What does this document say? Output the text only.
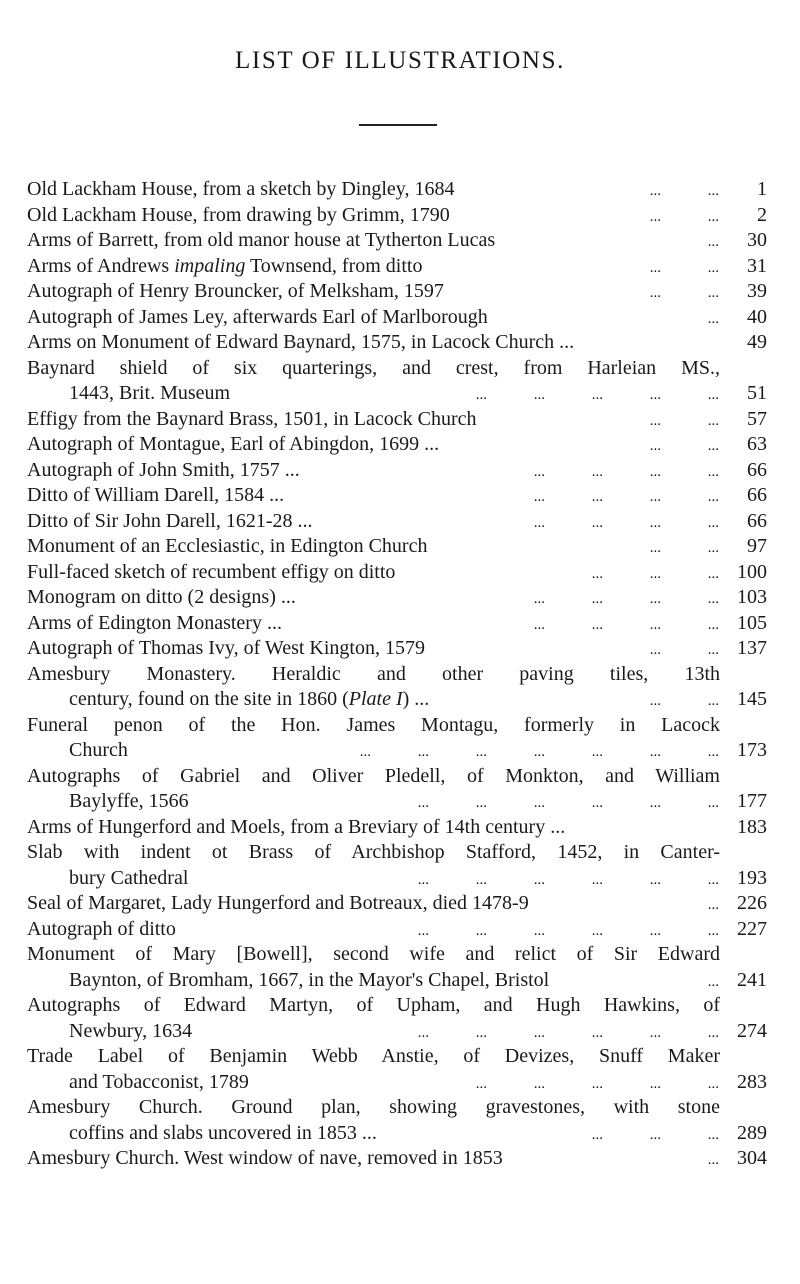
LIST OF ILLUSTRATIONS.
Old Lackham House, from a sketch by Dingley, 1684	...	...	1
Old Lackham House, from drawing by Grimm, 1790	...	...	2
Arms of Barrett, from old manor house at Tytherton Lucas	...	30
Arms of Andrews impaling Townsend, from ditto	...	...	31
Autograph of Henry Brouncker, of Melksham, 1597	...	...	39
Autograph of James Ley, afterwards Earl of Marlborough	...	40
Arms on Monument of Edward Baynard, 1575, in Lacock Church ...	49
Baynard shield of six quarterings, and crest, from Harleian MS.,
1443, Brit. Museum	...	...	...	...	...	51
Effigy from the Baynard Brass, 1501, in Lacock Church	...	...	57
Autograph of Montague, Earl of Abingdon, 1699 ...	...	...	63
Autograph of John Smith, 1757 ...	...	...	...	...	66
Ditto of William Darell, 1584 ...	...	...	...	...	66
Ditto of Sir John Darell, 1621-28 ...	...	...	...	...	66
Monument of an Ecclesiastic, in Edington Church	...	...	97
Full-faced sketch of recumbent effigy on ditto	...	...	... 100
Monogram on ditto (2 designs) ...	...	...	...	... 103
Arms of Edington Monastery ...	...	...	...	... 105
Autograph of Thomas Ivy, of West Kington, 1579	...	... 137
Amesbury Monastery. Heraldic and other paving tiles, 13th
century, found on the site in 1860 (Plate I) ...	...	... 145
Funeral penon of the Hon. James Montagu, formerly in Lacock
Church	...	...	...	...	...	...	... 173
Autographs of Gabriel and Oliver Pledell, of Monkton, and William
Baylyffe, 1566	...	...	...	...	...	... 177
Arms of Hungerford and Moels, from a Breviary of 14th century ...	183
Slab with indent ot Brass of Archbishop Stafford, 1452, in Canter-
bury Cathedral	...	...	...	...	...	... 193
Seal of Margaret, Lady Hungerford and Botreaux, died 1478-9	... 226
Autograph of ditto	...	...	...	...	...	... 227
Monument of Mary [Bowell], second wife and relict of Sir Edward
Baynton, of Bromham, 1667, in the Mayor's Chapel, Bristol	... 241
Autographs of Edward Martyn, of Upham, and Hugh Hawkins, of
Newbury, 1634	...	...	...	...	...	... 274
Trade Label of Benjamin Webb Anstie, of Devizes, Snuff Maker
and Tobacconist, 1789	...	...	...	...	... 283
Amesbury Church. Ground plan, showing gravestones, with stone
coffins and slabs uncovered in 1853 ...	...	...	... 289
Amesbury Church. West window of nave, removed in 1853	... 304
